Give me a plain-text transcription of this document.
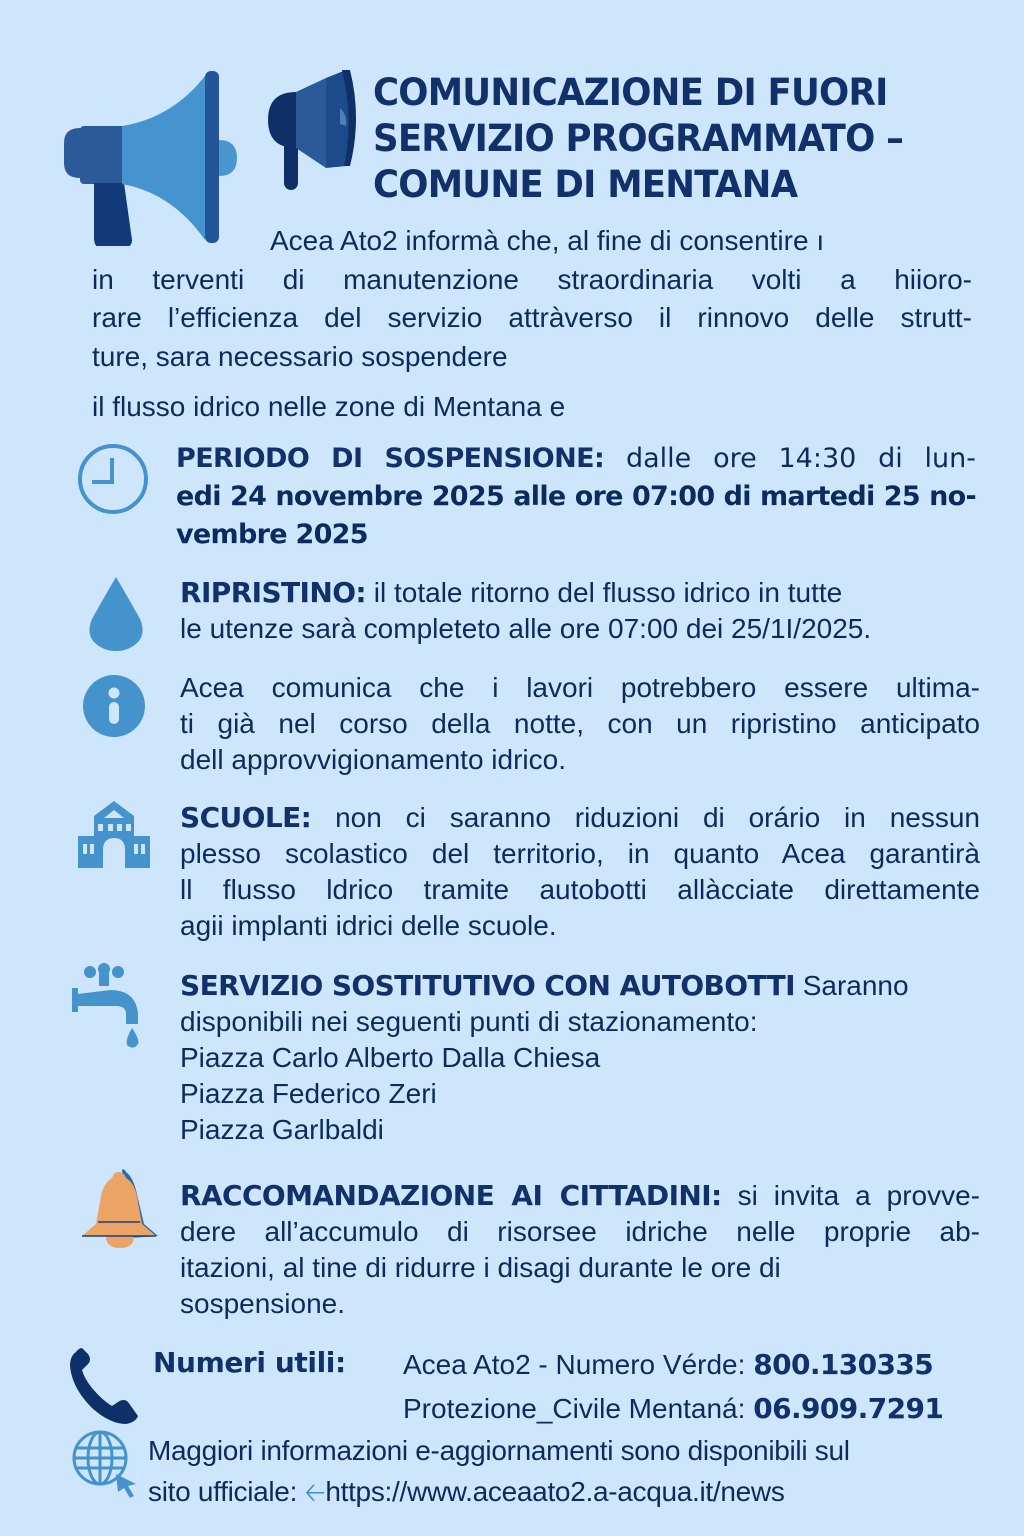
COMUNICAZIONE DI FUORI
SERVIZIO PROGRAMMATO –
COMUNE DI MENTANA
Acea Ato2 informà che, al fine di consentire ı
in terventi di manutenzione straordinaria volti a hiioro-
rare l’efficienza del servizio attràverso il rinnovo delle strutt-
ture, sara necessario sospendere
il flusso idrico nelle zone di Mentana e
PERIODO DI SOSPENSIONE: dalle ore 14:30 di lun-
edi 24 novembre 2025 alle ore 07:00 di martedi 25 no-
vembre 2025
RIPRISTINO: il totale ritorno del flusso idrico in tutte
le utenze sarà completeto alle ore 07:00 dei 25/1I/2025.
Acea comunica che i lavori potrebbero essere ultima-
ti già nel corso della notte, con un ripristino anticipato
dell approvvigionamento idrico.
SCUOLE: non ci saranno riduzioni di orário in nessun
plesso scolastico del territorio, in quanto Acea garantirà
ll flusso ldrico tramite autobotti allàcciate direttamente
agii implanti idrici delle scuole.
SERVIZIO SOSTITUTIVO CON AUTOBOTTI Saranno
disponibili nei seguenti punti di stazionamento:
Piazza Carlo Alberto Dalla Chiesa
Piazza Federico Zeri
Piazza Garlbaldi
RACCOMANDAZIONE AI CITTADINI: si invita a provve-
dere all’accumulo di risorsee idriche nelle proprie ab-
itazioni, al tine di ridurre i disagi durante le ore di
sospensione.
Numeri utili: Acea Ato2 - Numero Vérde: 800.130335
Protezione_Civile Mentaná: 06.909.7291
Maggiori informazioni e-aggiornamenti sono disponibili sul
sito ufficiale: 🡠https://www.aceaato2.a-acqua.it/news
